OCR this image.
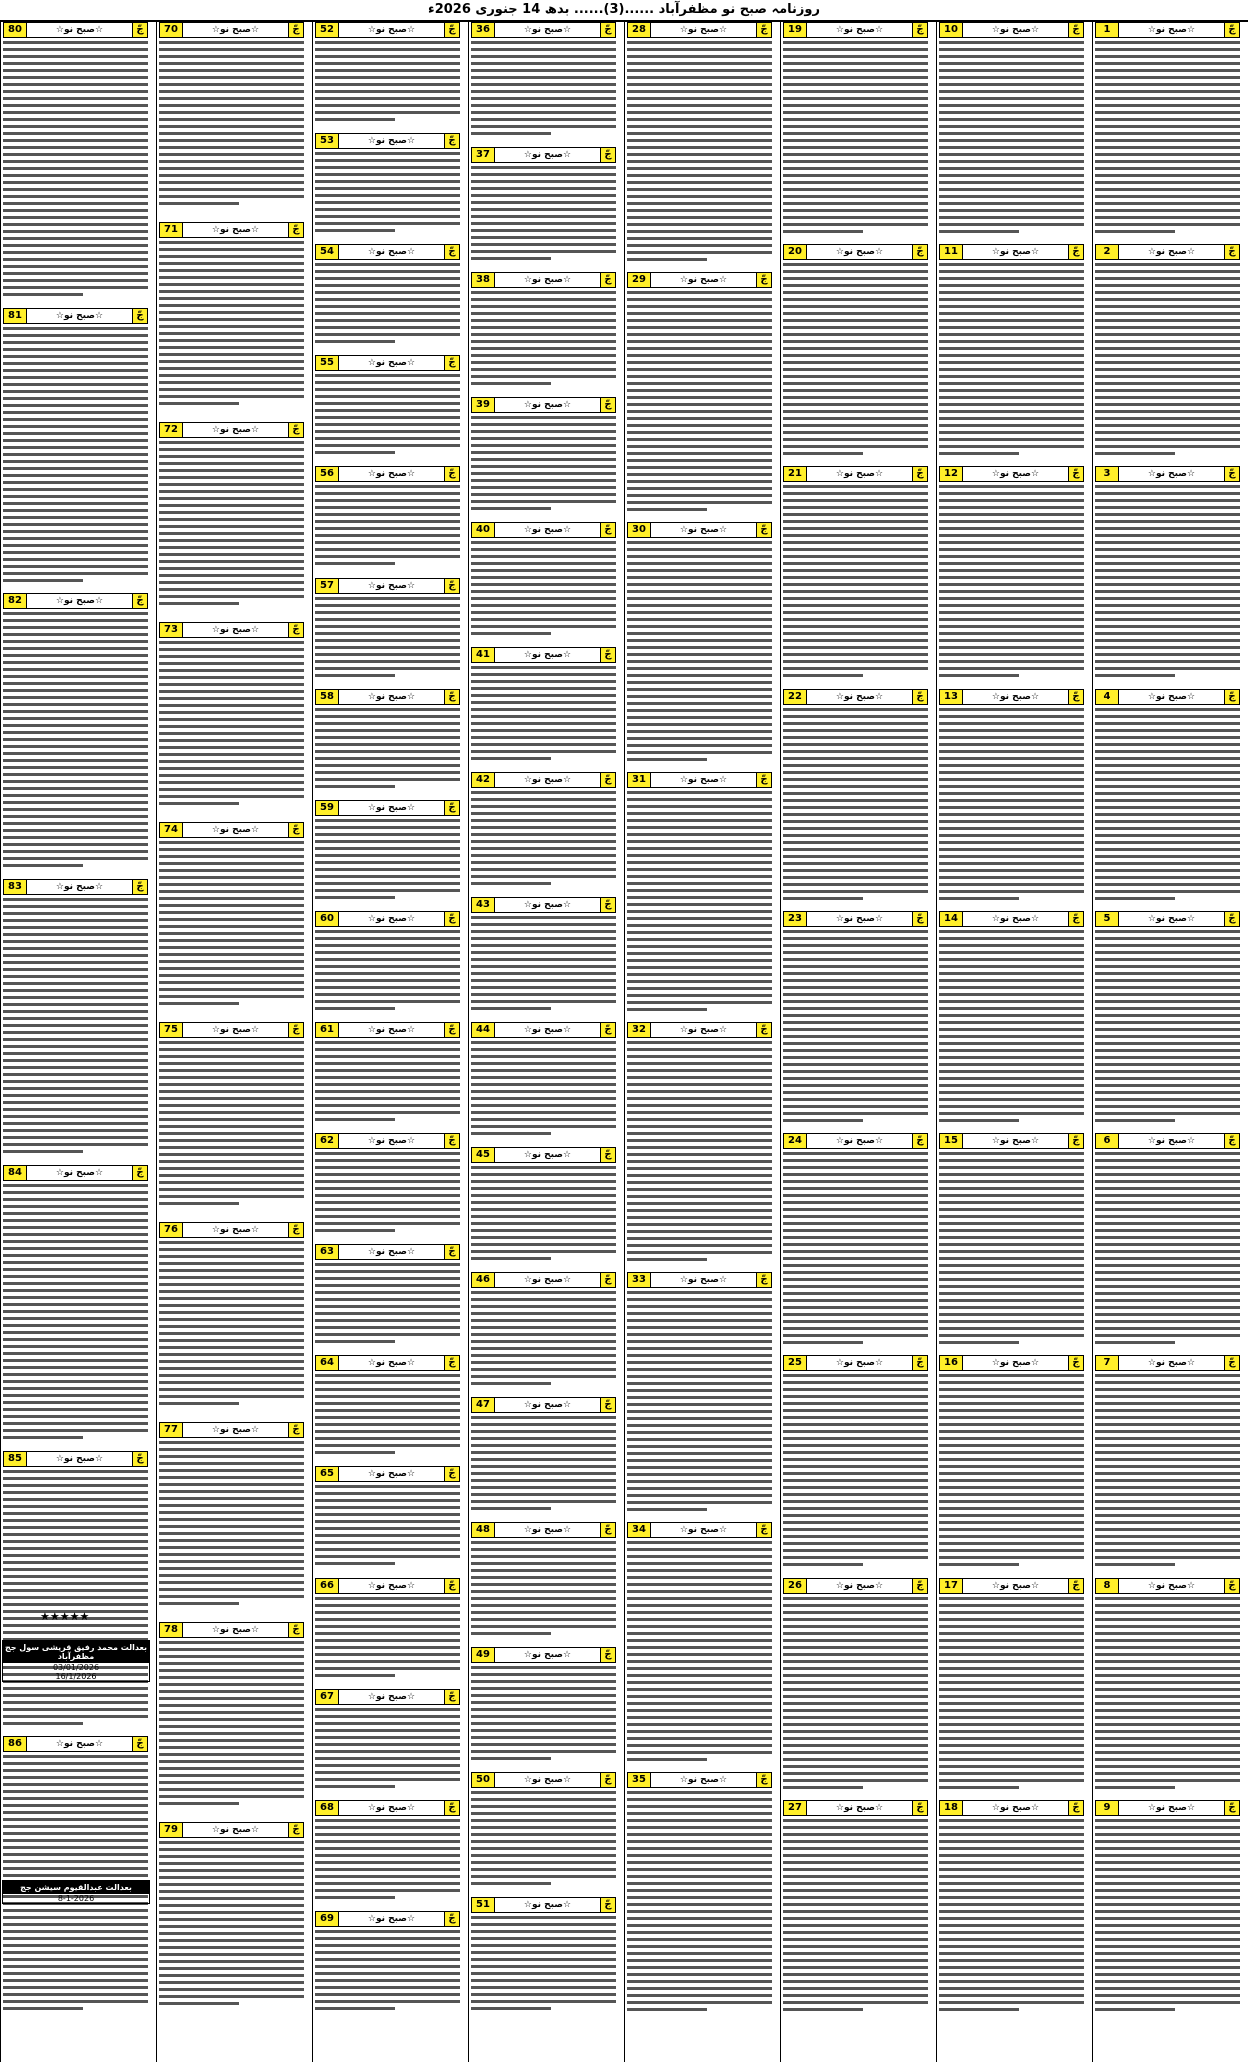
روزنامہ صبح نو مظفرآباد ......(3)...... بدھ 14 جنوری 2026ء
80	☆صبح نو☆	جّ
81	☆صبح نو☆	جّ
82	☆صبح نو☆	جّ
83	☆صبح نو☆	جّ
84	☆صبح نو☆	جّ
85	☆صبح نو☆	جّ
86	☆صبح نو☆	جّ
70	☆صبح نو☆	جّ
71	☆صبح نو☆	جّ
72	☆صبح نو☆	جّ
73	☆صبح نو☆	جّ
74	☆صبح نو☆	جّ
75	☆صبح نو☆	جّ
76	☆صبح نو☆	جّ
77	☆صبح نو☆	جّ
78	☆صبح نو☆	جّ
79	☆صبح نو☆	جّ
52	☆صبح نو☆	جّ
53	☆صبح نو☆	جّ
54	☆صبح نو☆	جّ
55	☆صبح نو☆	جّ
56	☆صبح نو☆	جّ
57	☆صبح نو☆	جّ
58	☆صبح نو☆	جّ
59	☆صبح نو☆	جّ
60	☆صبح نو☆	جّ
61	☆صبح نو☆	جّ
62	☆صبح نو☆	جّ
63	☆صبح نو☆	جّ
64	☆صبح نو☆	جّ
65	☆صبح نو☆	جّ
66	☆صبح نو☆	جّ
67	☆صبح نو☆	جّ
68	☆صبح نو☆	جّ
69	☆صبح نو☆	جّ
36	☆صبح نو☆	جّ
37	☆صبح نو☆	جّ
38	☆صبح نو☆	جّ
39	☆صبح نو☆	جّ
40	☆صبح نو☆	جّ
41	☆صبح نو☆	جّ
42	☆صبح نو☆	جّ
43	☆صبح نو☆	جّ
44	☆صبح نو☆	جّ
45	☆صبح نو☆	جّ
46	☆صبح نو☆	جّ
47	☆صبح نو☆	جّ
48	☆صبح نو☆	جّ
49	☆صبح نو☆	جّ
50	☆صبح نو☆	جّ
51	☆صبح نو☆	جّ
28	☆صبح نو☆	جّ
29	☆صبح نو☆	جّ
30	☆صبح نو☆	جّ
31	☆صبح نو☆	جّ
32	☆صبح نو☆	جّ
33	☆صبح نو☆	جّ
34	☆صبح نو☆	جّ
35	☆صبح نو☆	جّ
19	☆صبح نو☆	جّ
20	☆صبح نو☆	جّ
21	☆صبح نو☆	جّ
22	☆صبح نو☆	جّ
23	☆صبح نو☆	جّ
24	☆صبح نو☆	جّ
25	☆صبح نو☆	جّ
26	☆صبح نو☆	جّ
27	☆صبح نو☆	جّ
10	☆صبح نو☆	جّ
11	☆صبح نو☆	جّ
12	☆صبح نو☆	جّ
13	☆صبح نو☆	جّ
14	☆صبح نو☆	جّ
15	☆صبح نو☆	جّ
16	☆صبح نو☆	جّ
17	☆صبح نو☆	جّ
18	☆صبح نو☆	جّ
1	☆صبح نو☆	جّ
2	☆صبح نو☆	جّ
3	☆صبح نو☆	جّ
4	☆صبح نو☆	جّ
5	☆صبح نو☆	جّ
6	☆صبح نو☆	جّ
7	☆صبح نو☆	جّ
8	☆صبح نو☆	جّ
9	☆صبح نو☆	جّ
★★★★★
بعدالت محمد رفیق قریشی سول جج مظفرآباد
03/01/2026
16/1/2026
بعدالت عبدالقیوم سیشن جج
8-1-2026
